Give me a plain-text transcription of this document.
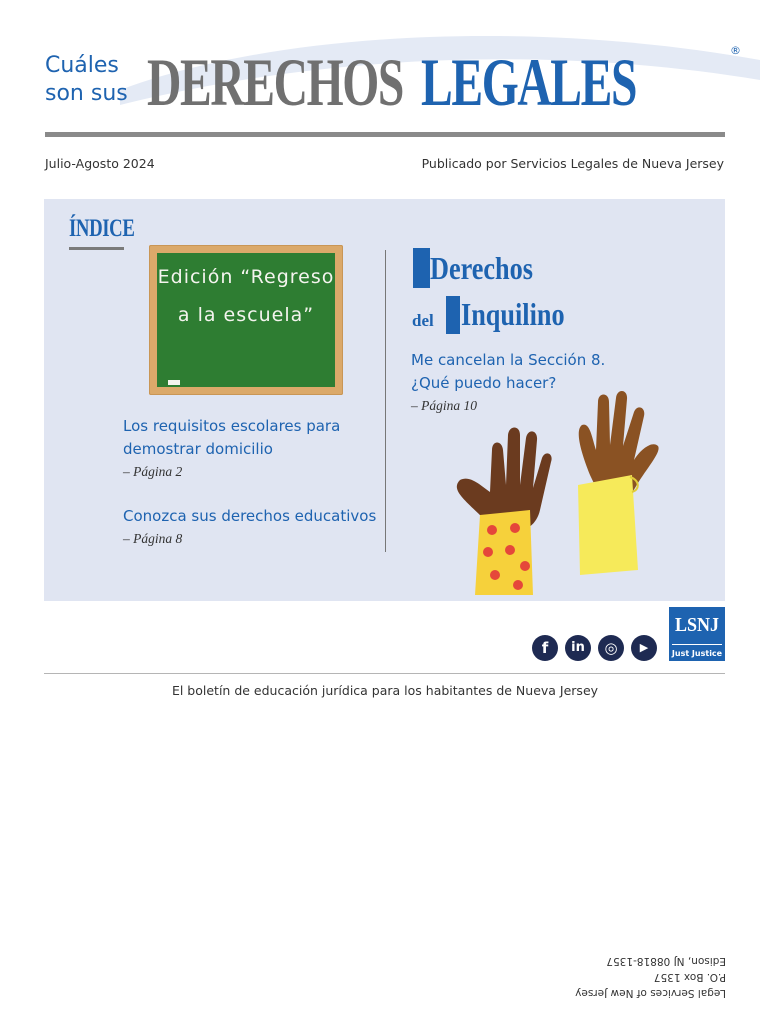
Cuáles son sus DERECHOS LEGALES	®
Julio-Agosto 2024	Publicado por Servicios Legales de Nueva Jersey
ÍNDICE
Edición “Regreso a la escuela”
Los requisitos escolares para demostrar domicilio
– Página 2
Conozca sus derechos educativos
– Página 8
Derechos
del Inquilino
Me cancelan la Sección 8. ¿Qué puedo hacer?
– Página 10
LSNJ
Just Justice
f	in	◎	▶
El boletín de educación jurídica para los habitantes de Nueva Jersey
Legal Services of New Jersey
P.O. Box 1357
Edison, NJ 08818-1357
